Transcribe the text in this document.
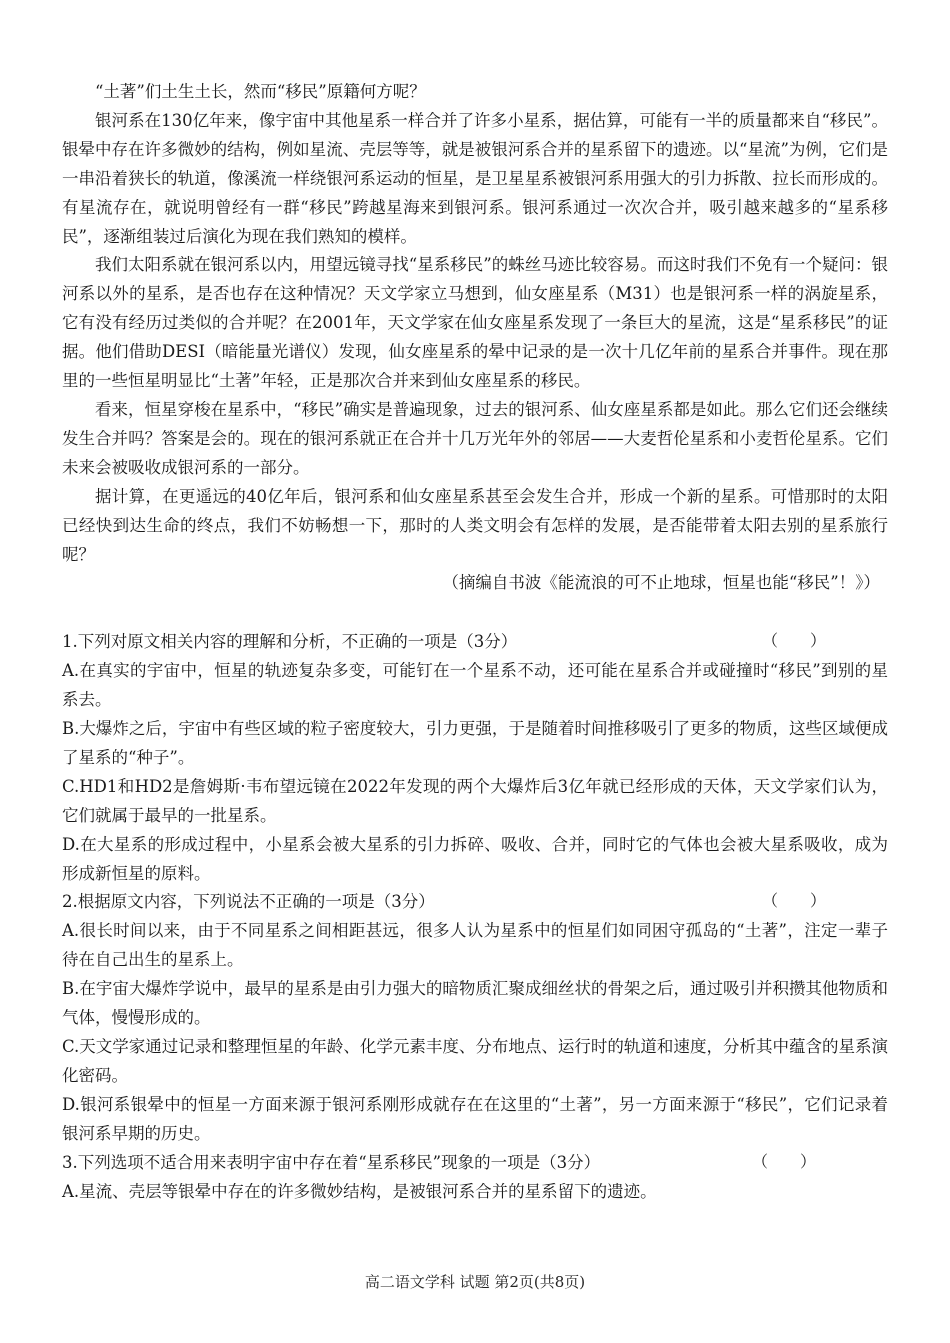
“土著”们土生土长，然而“移民”原籍何方呢？

银河系在130亿年来，像宇宙中其他星系一样合并了许多小星系，据估算，可能有一半的质量都来自“移民”。银晕中存在许多微妙的结构，例如星流、壳层等等，就是被银河系合并的星系留下的遗迹。以“星流”为例，它们是一串沿着狭长的轨道，像溪流一样绕银河系运动的恒星，是卫星星系被银河系用强大的引力拆散、拉长而形成的。有星流存在，就说明曾经有一群“移民”跨越星海来到银河系。银河系通过一次次合并，吸引越来越多的“星系移民”，逐渐组装过后演化为现在我们熟知的模样。

我们太阳系就在银河系以内，用望远镜寻找“星系移民”的蛛丝马迹比较容易。而这时我们不免有一个疑问：银河系以外的星系，是否也存在这种情况？天文学家立马想到，仙女座星系（M31）也是银河系一样的涡旋星系，它有没有经历过类似的合并呢？在2001年，天文学家在仙女座星系发现了一条巨大的星流，这是“星系移民”的证据。他们借助DESI（暗能量光谱仪）发现，仙女座星系的晕中记录的是一次十几亿年前的星系合并事件。现在那里的一些恒星明显比“土著”年轻，正是那次合并来到仙女座星系的移民。

看来，恒星穿梭在星系中，“移民”确实是普遍现象，过去的银河系、仙女座星系都是如此。那么它们还会继续发生合并吗？答案是会的。现在的银河系就正在合并十几万光年外的邻居——大麦哲伦星系和小麦哲伦星系。它们未来会被吸收成银河系的一部分。

据计算，在更遥远的40亿年后，银河系和仙女座星系甚至会发生合并，形成一个新的星系。可惜那时的太阳已经快到达生命的终点，我们不妨畅想一下，那时的人类文明会有怎样的发展，是否能带着太阳去别的星系旅行呢？

（摘编自书波《能流浪的可不止地球，恒星也能“移民”！》）

1.下列对原文相关内容的理解和分析，不正确的一项是（3分）	（　　）

A.在真实的宇宙中，恒星的轨迹复杂多变，可能钉在一个星系不动，还可能在星系合并或碰撞时“移民”到别的星系去。

B.大爆炸之后，宇宙中有些区域的粒子密度较大，引力更强，于是随着时间推移吸引了更多的物质，这些区域便成了星系的“种子”。

C.HD1和HD2是詹姆斯·韦布望远镜在2022年发现的两个大爆炸后3亿年就已经形成的天体，天文学家们认为，它们就属于最早的一批星系。

D.在大星系的形成过程中，小星系会被大星系的引力拆碎、吸收、合并，同时它的气体也会被大星系吸收，成为形成新恒星的原料。

2.根据原文内容，下列说法不正确的一项是（3分）	（　　）

A.很长时间以来，由于不同星系之间相距甚远，很多人认为星系中的恒星们如同困守孤岛的“土著”，注定一辈子待在自己出生的星系上。

B.在宇宙大爆炸学说中，最早的星系是由引力强大的暗物质汇聚成细丝状的骨架之后，通过吸引并积攒其他物质和气体，慢慢形成的。

C.天文学家通过记录和整理恒星的年龄、化学元素丰度、分布地点、运行时的轨道和速度，分析其中蕴含的星系演化密码。

D.银河系银晕中的恒星一方面来源于银河系刚形成就存在在这里的“土著”，另一方面来源于“移民”，它们记录着银河系早期的历史。

3.下列选项不适合用来表明宇宙中存在着“星系移民”现象的一项是（3分）	（　　）

A.星流、壳层等银晕中存在的许多微妙结构，是被银河系合并的星系留下的遗迹。

高二语文学科 试题 第2页(共8页)
